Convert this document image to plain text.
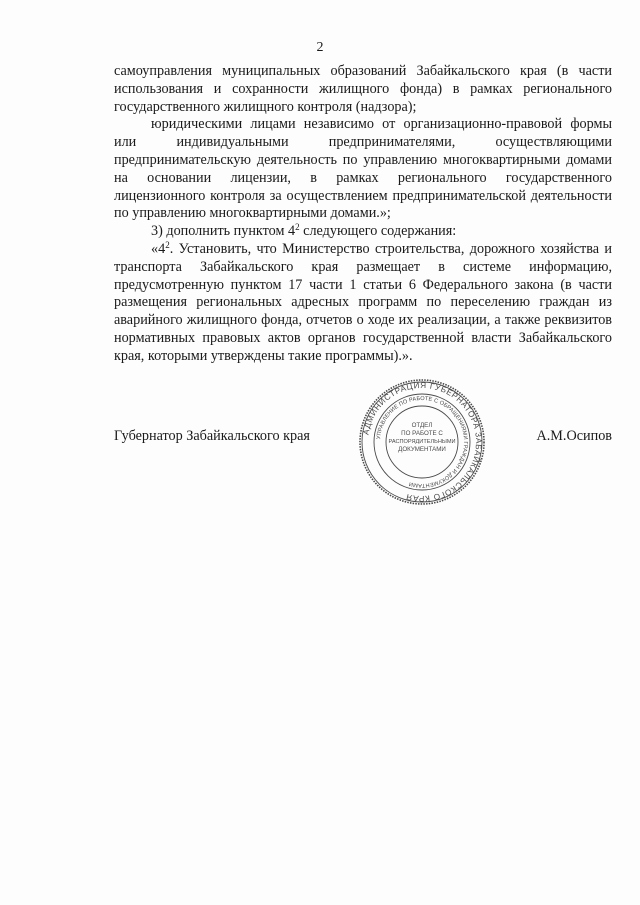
2

самоуправления муниципальных образований Забайкальского края (в части использования и сохранности жилищного фонда) в рамках регионального государственного жилищного контроля (надзора);

юридическими лицами независимо от организационно-правовой формы или индивидуальными предпринимателями, осуществляющими

предпринимательскую деятельность по управлению многоквартирными домами на основании лицензии, в рамках регионального государственного лицензионного контроля за осуществлением предпринимательской деятельности по управлению многоквартирными домами.»;

3) дополнить пунктом $4^2$ следующего содержания:

«$4^2$. Установить, что Министерство строительства, дорожного хозяйства и транспорта Забайкальского края размещает в системе информацию, предусмотренную пунктом 17 части 1 статьи 6 Федерального закона (в части размещения региональных адресных программ по переселению граждан из аварийного жилищного фонда, отчетов о ходе их реализации, а также реквизитов нормативных правовых актов органов государственной власти Забайкальского края, которыми утверждены такие программы).».

Губернатор Забайкальского края	А.М.Осипов
АДМИНИСТРАЦИЯ ГУБЕРНАТОРА ЗАБАЙКАЛЬСКОГО КРАЯ
УПРАВЛЕНИЕ ПО РАБОТЕ С ОБРАЩЕНИЯМИ ГРАЖДАН И ДОКУМЕНТАМИ
ОТДЕЛ
ПО РАБОТЕ С
РАСПОРЯДИТЕЛЬНЫМИ
ДОКУМЕНТАМИ
